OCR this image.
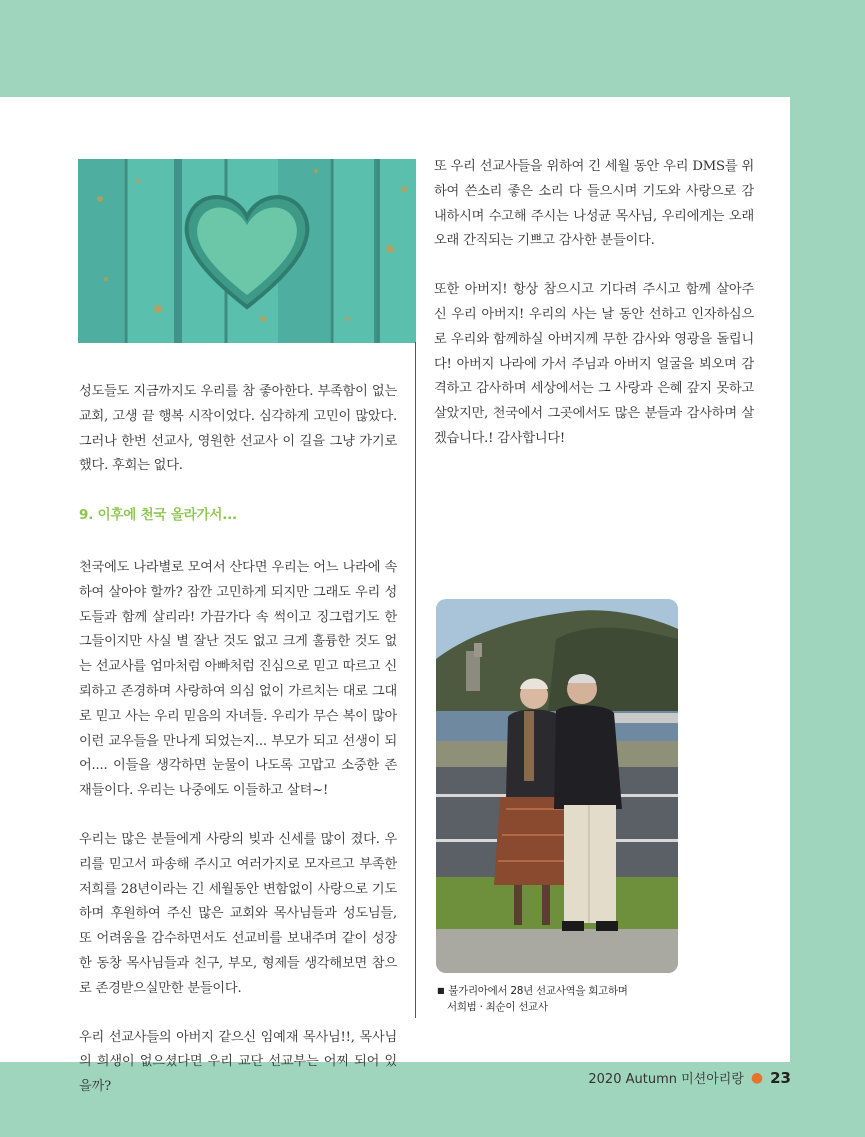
성도들도 지금까지도 우리를 참 좋아한다. 부족함이 없는 교회, 고생 끝 행복 시작이었다. 심각하게 고민이 많았다. 그러나 한번 선교사, 영원한 선교사 이 길을 그냥 가기로 했다. 후회는 없다.

9. 이후에 천국 올라가서...

천국에도 나라별로 모여서 산다면 우리는 어느 나라에 속하여 살아야 할까? 잠깐 고민하게 되지만 그래도 우리 성도들과 함께 살리라! 가끔가다 속 썩이고 징그럽기도 한 그들이지만 사실 별 잘난 것도 없고 크게 훌륭한 것도 없는 선교사를 엄마처럼 아빠처럼 진심으로 믿고 따르고 신뢰하고 존경하며 사랑하여 의심 없이 가르치는 대로 그대로 믿고 사는 우리 믿음의 자녀들. 우리가 무슨 복이 많아 이런 교우들을 만나게 되었는지... 부모가 되고 선생이 되어.... 이들을 생각하면 눈물이 나도록 고맙고 소중한 존재들이다. 우리는 나중에도 이들하고 살텨~!

우리는 많은 분들에게 사랑의 빚과 신세를 많이 졌다. 우리를 믿고서 파송해 주시고 여러가지로 모자르고 부족한 저희를 28년이라는 긴 세월동안 변함없이 사랑으로 기도하며 후원하여 주신 많은 교회와 목사님들과 성도님들, 또 어려움을 감수하면서도 선교비를 보내주며 같이 성장한 동창 목사님들과 친구, 부모, 형제들 생각해보면 참으로 존경받으실만한 분들이다.

우리 선교사들의 아버지 같으신 임예재 목사님!!, 목사님의 희생이 없으셨다면 우리 교단 선교부는 어찌 되어 있을까?

또 우리 선교사들을 위하여 긴 세월 동안 우리 DMS를 위하여 쓴소리 좋은 소리 다 들으시며 기도와 사랑으로 감내하시며 수고해 주시는 나성균 목사님, 우리에게는 오래오래 간직되는 기쁘고 감사한 분들이다.

또한 아버지! 항상 참으시고 기다려 주시고 함께 살아주신 우리 아버지! 우리의 사는 날 동안 선하고 인자하심으로 우리와 함께하실 아버지께 무한 감사와 영광을 돌립니다! 아버지 나라에 가서 주님과 아버지 얼굴을 뵈오며 감격하고 감사하며 세상에서는 그 사랑과 은혜 갚지 못하고 살았지만, 천국에서 그곳에서도 많은 분들과 감사하며 살겠습니다.! 감사합니다!

■ 불가리아에서 28년 선교사역을 회고하며
서희범 · 최순이 선교사
2020 Autumn 미션아리랑 ● 23
